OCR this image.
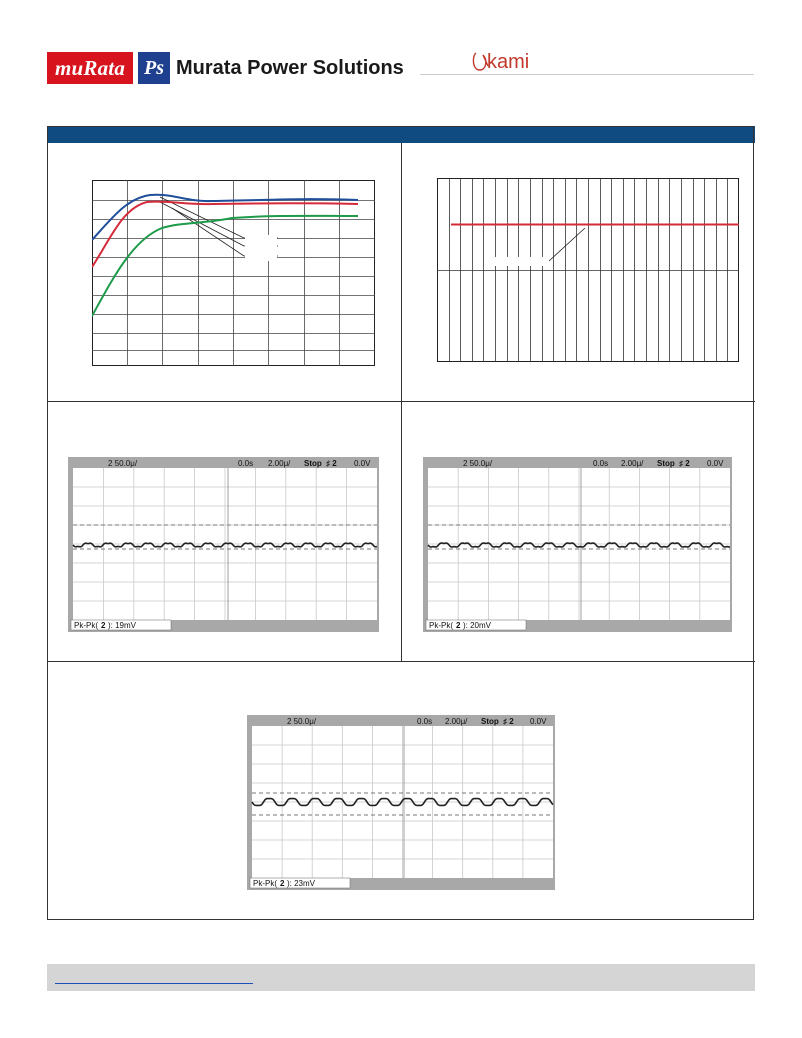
muRata Ps Murata Power Solutions	kami
2 50.0μ/	0.0s 2.00μ/ Stop ♯ 2 0.0V
Pk-Pk( 2 ): 19mV
2 50.0μ/	0.0s 2.00μ/ Stop ♯ 2 0.0V
Pk-Pk( 2 ): 20mV
2 50.0μ/	0.0s 2.00μ/ Stop ♯ 2 0.0V
Pk-Pk( 2 ): 23mV
